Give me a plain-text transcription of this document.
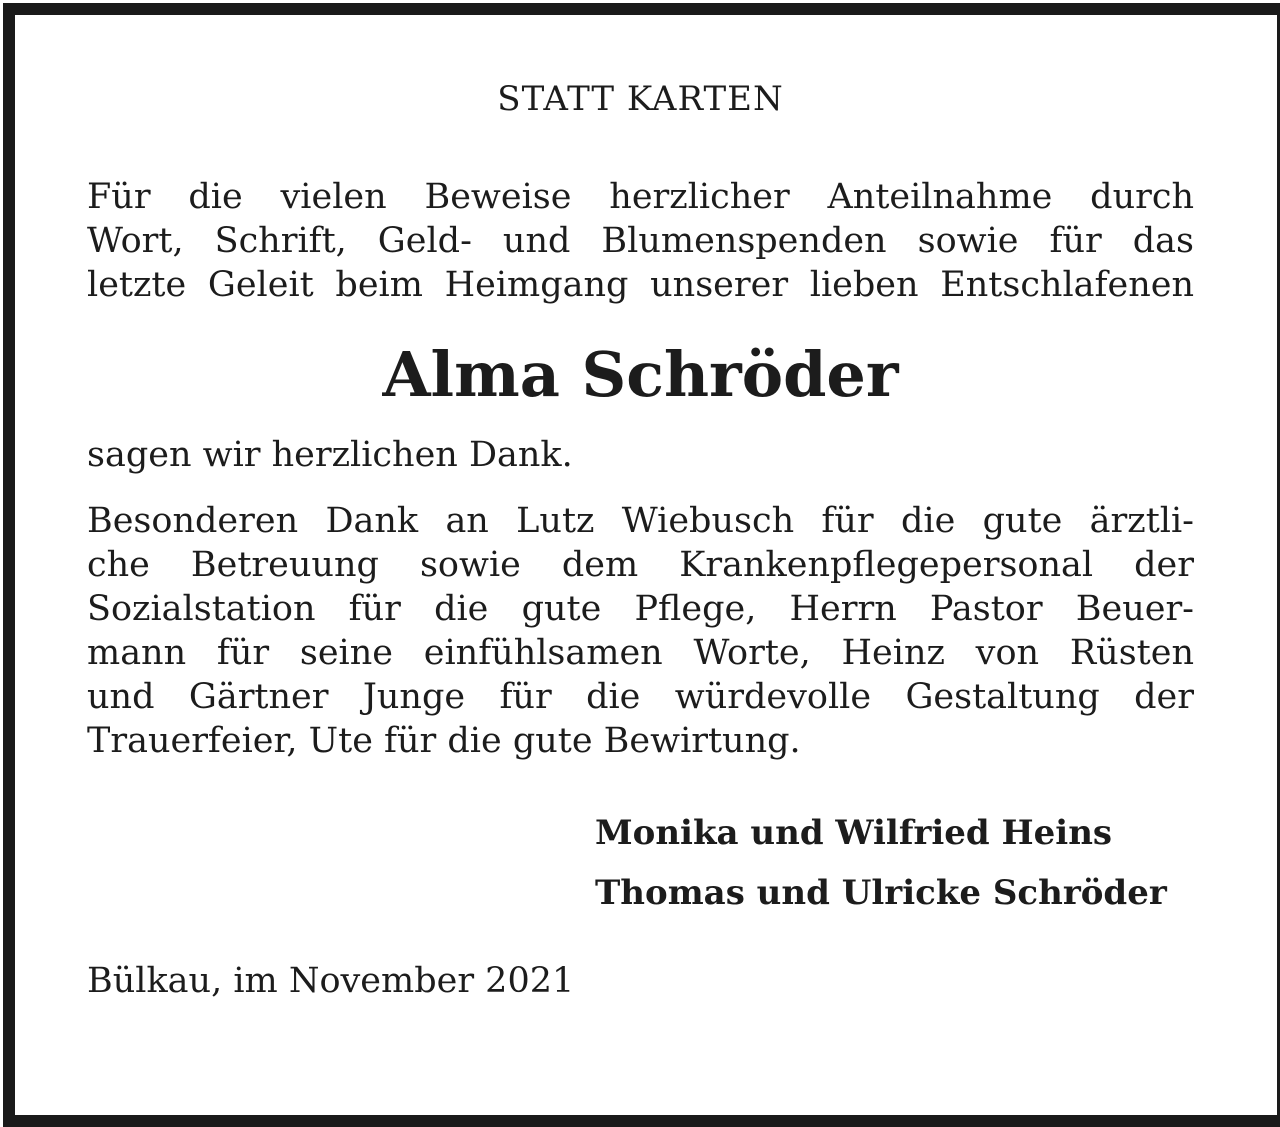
STATT KARTEN

Für die vielen Beweise herzlicher Anteilnahme durch
Wort, Schrift, Geld- und Blumenspenden sowie für das
letzte Geleit beim Heimgang unserer lieben Entschlafenen

Alma Schröder

sagen wir herzlichen Dank.

Besonderen Dank an Lutz Wiebusch für die gute ärztli-
che Betreuung sowie dem Krankenpflegepersonal der
Sozialstation für die gute Pflege, Herrn Pastor Beuer-
mann für seine einfühlsamen Worte, Heinz von Rüsten
und Gärtner Junge für die würdevolle Gestaltung der
Trauerfeier, Ute für die gute Bewirtung.

Monika und Wilfried Heins
Thomas und Ulricke Schröder

Bülkau, im November 2021
